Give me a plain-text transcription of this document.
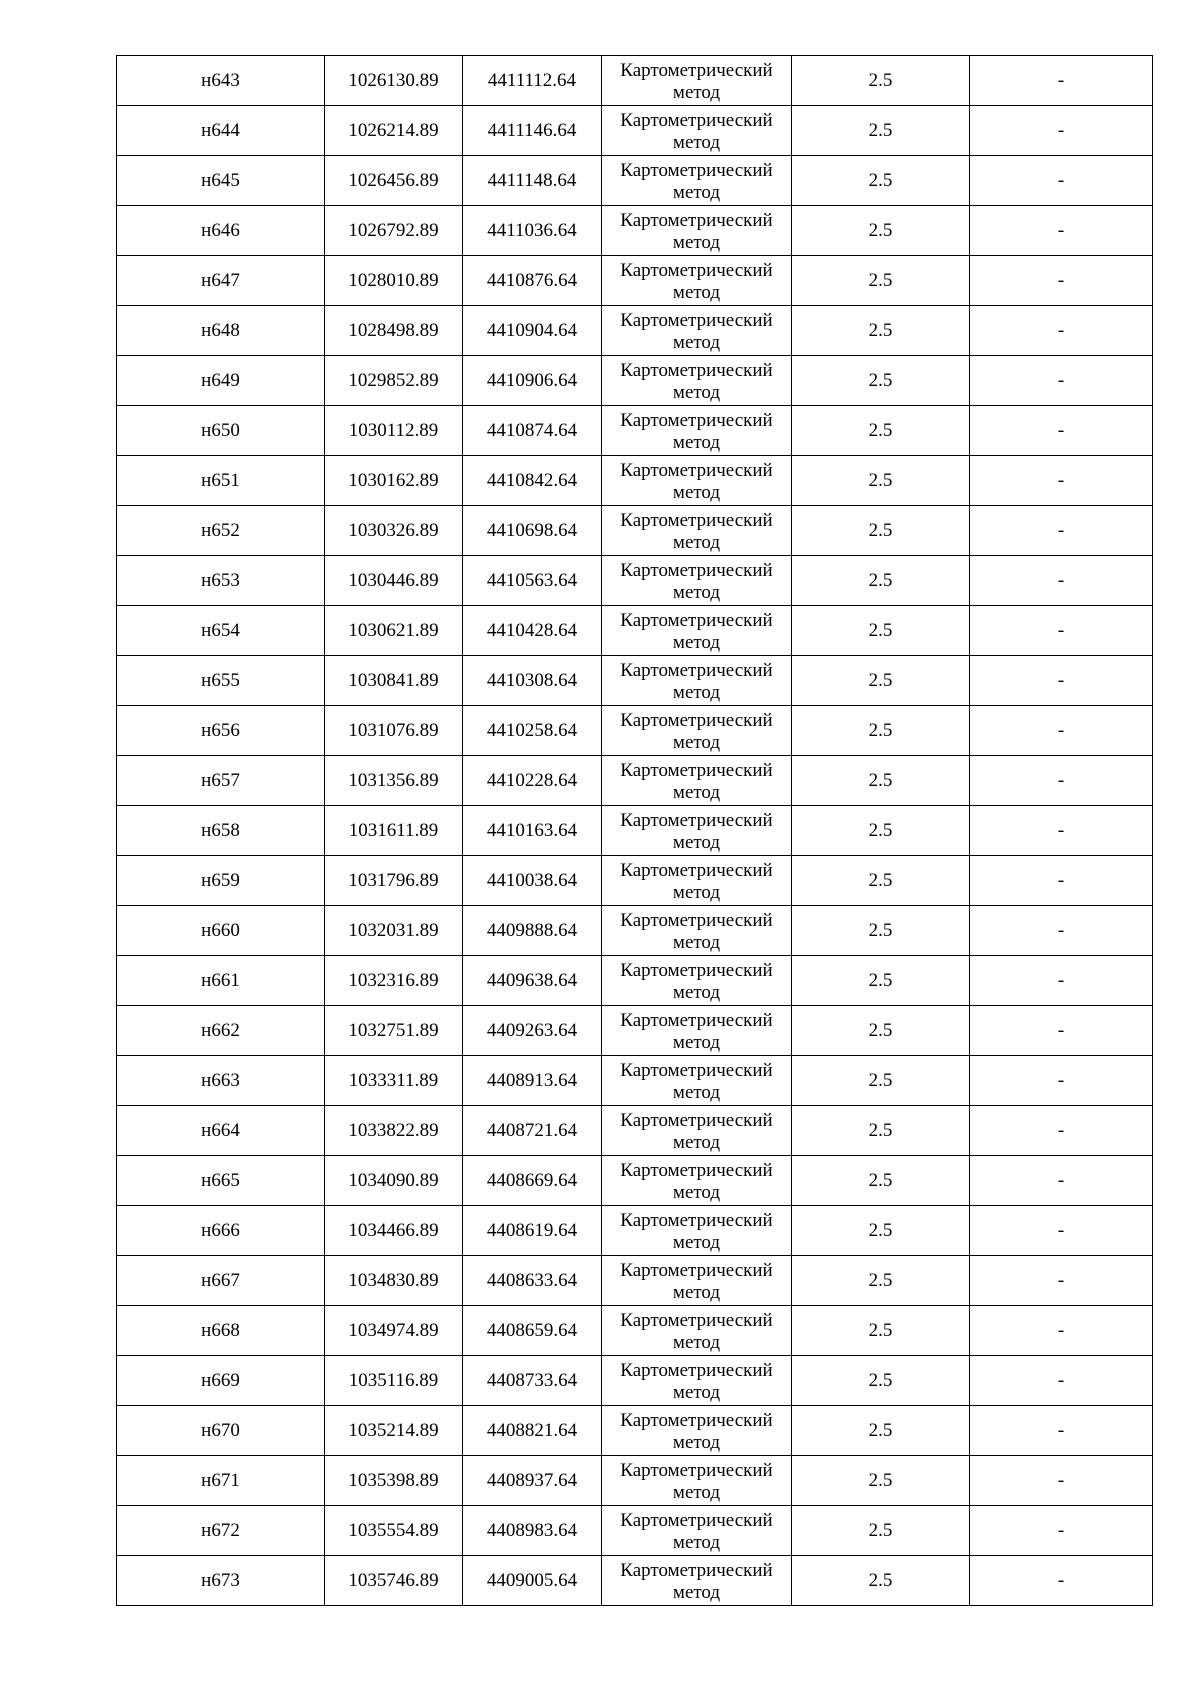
н643	1026130.89	4411112.64	Картометрический
метод	2.5	-
н644	1026214.89	4411146.64	Картометрический
метод	2.5	-
н645	1026456.89	4411148.64	Картометрический
метод	2.5	-
н646	1026792.89	4411036.64	Картометрический
метод	2.5	-
н647	1028010.89	4410876.64	Картометрический
метод	2.5	-
н648	1028498.89	4410904.64	Картометрический
метод	2.5	-
н649	1029852.89	4410906.64	Картометрический
метод	2.5	-
н650	1030112.89	4410874.64	Картометрический
метод	2.5	-
н651	1030162.89	4410842.64	Картометрический
метод	2.5	-
н652	1030326.89	4410698.64	Картометрический
метод	2.5	-
н653	1030446.89	4410563.64	Картометрический
метод	2.5	-
н654	1030621.89	4410428.64	Картометрический
метод	2.5	-
н655	1030841.89	4410308.64	Картометрический
метод	2.5	-
н656	1031076.89	4410258.64	Картометрический
метод	2.5	-
н657	1031356.89	4410228.64	Картометрический
метод	2.5	-
н658	1031611.89	4410163.64	Картометрический
метод	2.5	-
н659	1031796.89	4410038.64	Картометрический
метод	2.5	-
н660	1032031.89	4409888.64	Картометрический
метод	2.5	-
н661	1032316.89	4409638.64	Картометрический
метод	2.5	-
н662	1032751.89	4409263.64	Картометрический
метод	2.5	-
н663	1033311.89	4408913.64	Картометрический
метод	2.5	-
н664	1033822.89	4408721.64	Картометрический
метод	2.5	-
н665	1034090.89	4408669.64	Картометрический
метод	2.5	-
н666	1034466.89	4408619.64	Картометрический
метод	2.5	-
н667	1034830.89	4408633.64	Картометрический
метод	2.5	-
н668	1034974.89	4408659.64	Картометрический
метод	2.5	-
н669	1035116.89	4408733.64	Картометрический
метод	2.5	-
н670	1035214.89	4408821.64	Картометрический
метод	2.5	-
н671	1035398.89	4408937.64	Картометрический
метод	2.5	-
н672	1035554.89	4408983.64	Картометрический
метод	2.5	-
н673	1035746.89	4409005.64	Картометрический
метод	2.5	-
